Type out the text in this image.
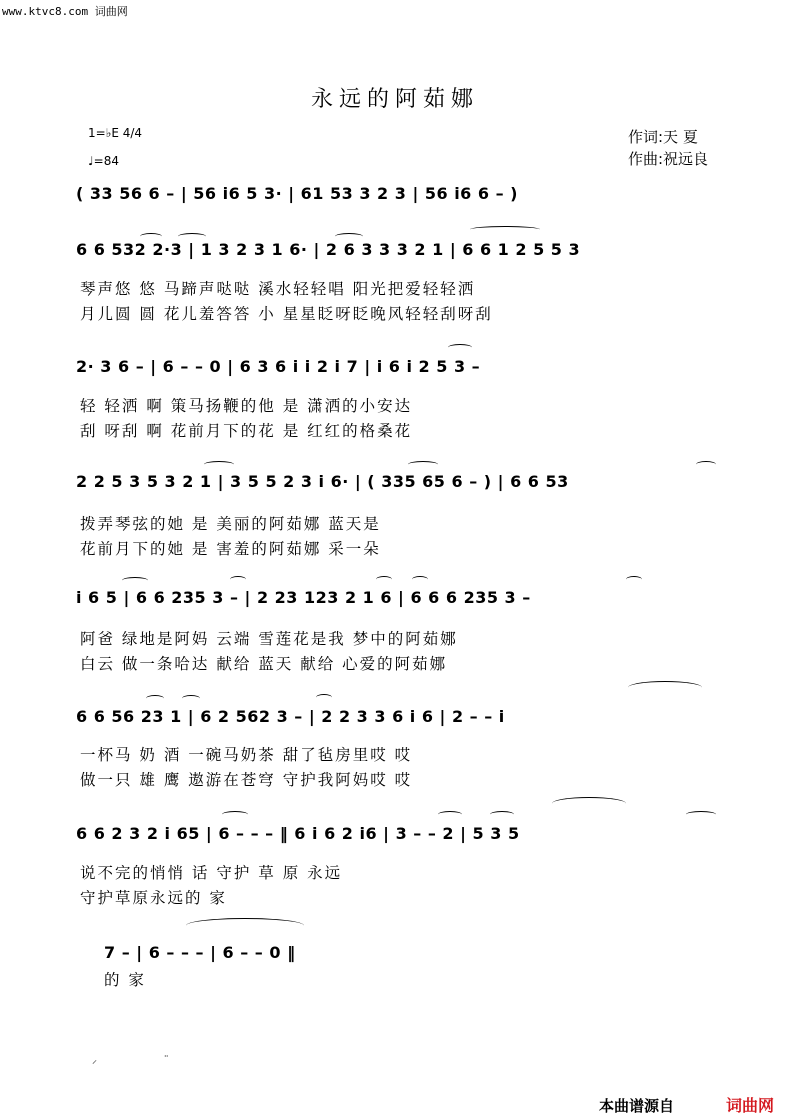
www.ktvc8.com 词曲网
永远的阿茹娜
1=♭E 4/4
♩=84
作词:天 夏
作曲:祝远良
( 33 56 6 – | 56 i6 5 3· | 61 53 3 2 3 | 56 i6 6 – )
6 6 532 2·3 | 1 3 2 3 1 6· | 2 6 3 3 3 2 1 | 6 6 1 2 5 5 3
琴声悠 悠 马蹄声哒哒 溪水轻轻唱 阳光把爱轻轻洒
月儿圆 圆 花儿羞答答 小 星星眨呀眨晚风轻轻刮呀刮
2· 3 6 – | 6 – – 0 | 6 3 6 i i 2 i 7 | i 6 i 2 5 3 –
轻 轻洒 啊 策马扬鞭的他 是 潇洒的小安达
刮 呀刮 啊 花前月下的花 是 红红的格桑花
2 2 5 3 5 3 2 1 | 3 5 5 2 3 i 6· | ( 335 65 6 – ) | 6 6 53
拨弄琴弦的她 是 美丽的阿茹娜 蓝天是
花前月下的她 是 害羞的阿茹娜 采一朵
i 6 5 | 6 6 235 3 – | 2 23 123 2 1 6 | 6 6 6 235 3 –
阿爸 绿地是阿妈 云端 雪莲花是我 梦中的阿茹娜
白云 做一条哈达 献给 蓝天 献给 心爱的阿茹娜
6 6 56 23 1 | 6 2 562 3 – | 2 2 3 3 6 i 6 | 2 – – i
一杯马 奶 酒 一碗马奶茶 甜了毡房里哎 哎
做一只 雄 鹰 遨游在苍穹 守护我阿妈哎 哎
6 6 2 3 2 i 65 | 6 – – – ‖ 6 i 6 2 i6 | 3 – – 2 | 5 3 5
说不完的悄悄 话 守护 草 原 永远
守护草原永远的 家
7 – | 6 – – – | 6 – – 0 ‖
的 家
⸝                     ¨
本曲谱源自	词曲网
